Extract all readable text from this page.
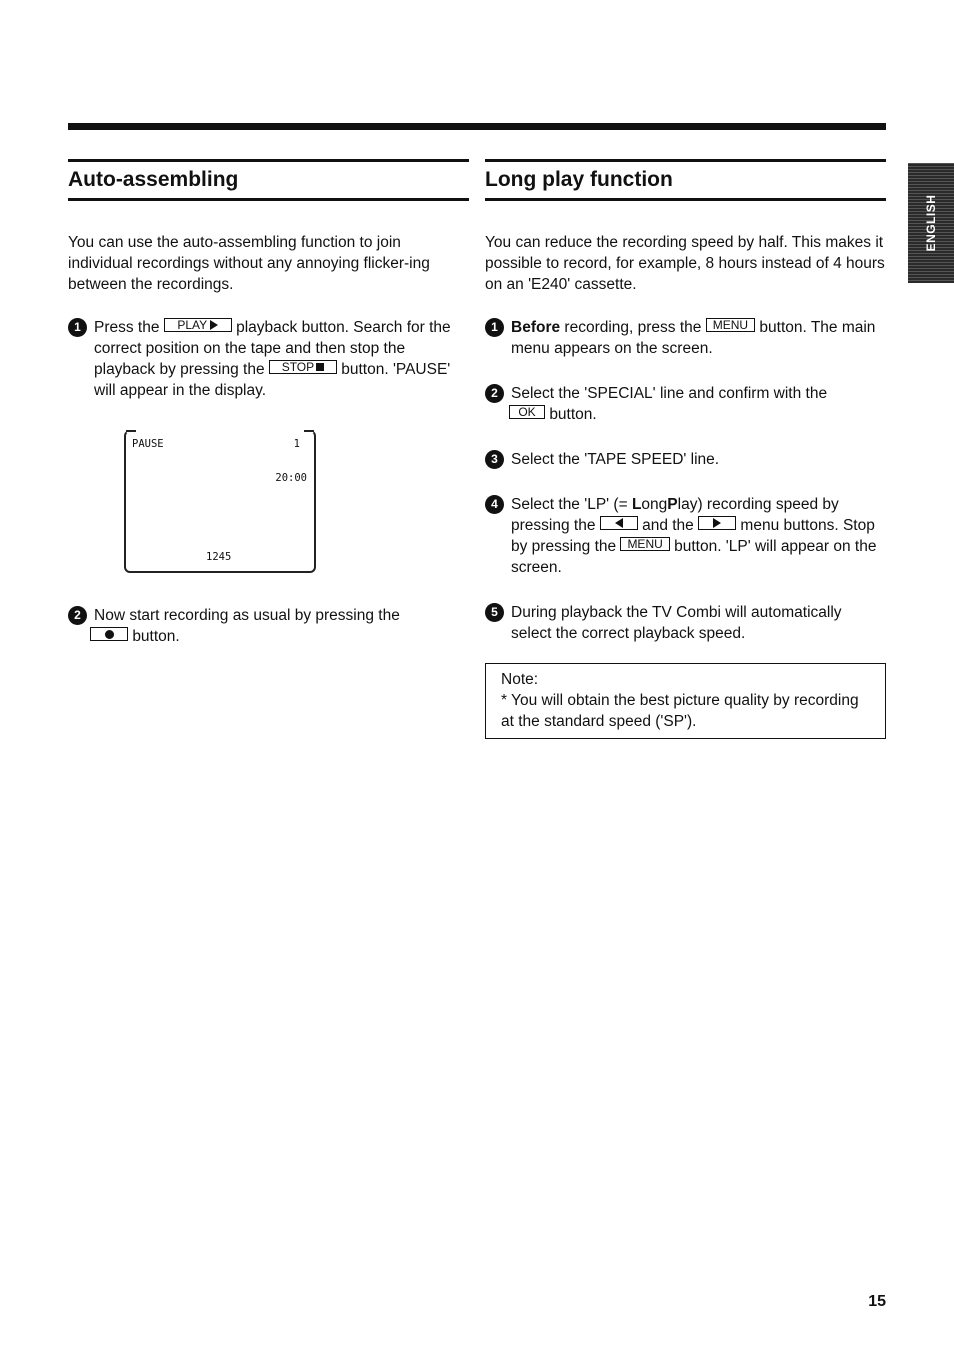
ENGLISH
Auto-assembling

You can use the auto-assembling function to join individual recordings without any annoying flicker-ing between the recordings.

1 Press the PLAY playback button. Search for the correct position on the tape and then stop the playback by pressing the STOP button. 'PAUSE' will appear in the display.
PAUSE	1
20:00
1245
2 Now start recording as usual by pressing the
button.
Long play function

You can reduce the recording speed by half. This makes it possible to record, for example, 8 hours instead of 4 hours on an 'E240' cassette.

1 Before recording, press the MENU button. The main menu appears on the screen.
2 Select the 'SPECIAL' line and confirm with the
OK button.
3 Select the 'TAPE SPEED' line.
4 Select the 'LP' (= LongPlay) recording speed by pressing the	and the	menu buttons. Stop by pressing the MENU button. 'LP' will appear on the screen.
5 During playback the TV Combi will automatically select the correct playback speed.
Note:
* You will obtain the best picture quality by recording at the standard speed ('SP').
15
